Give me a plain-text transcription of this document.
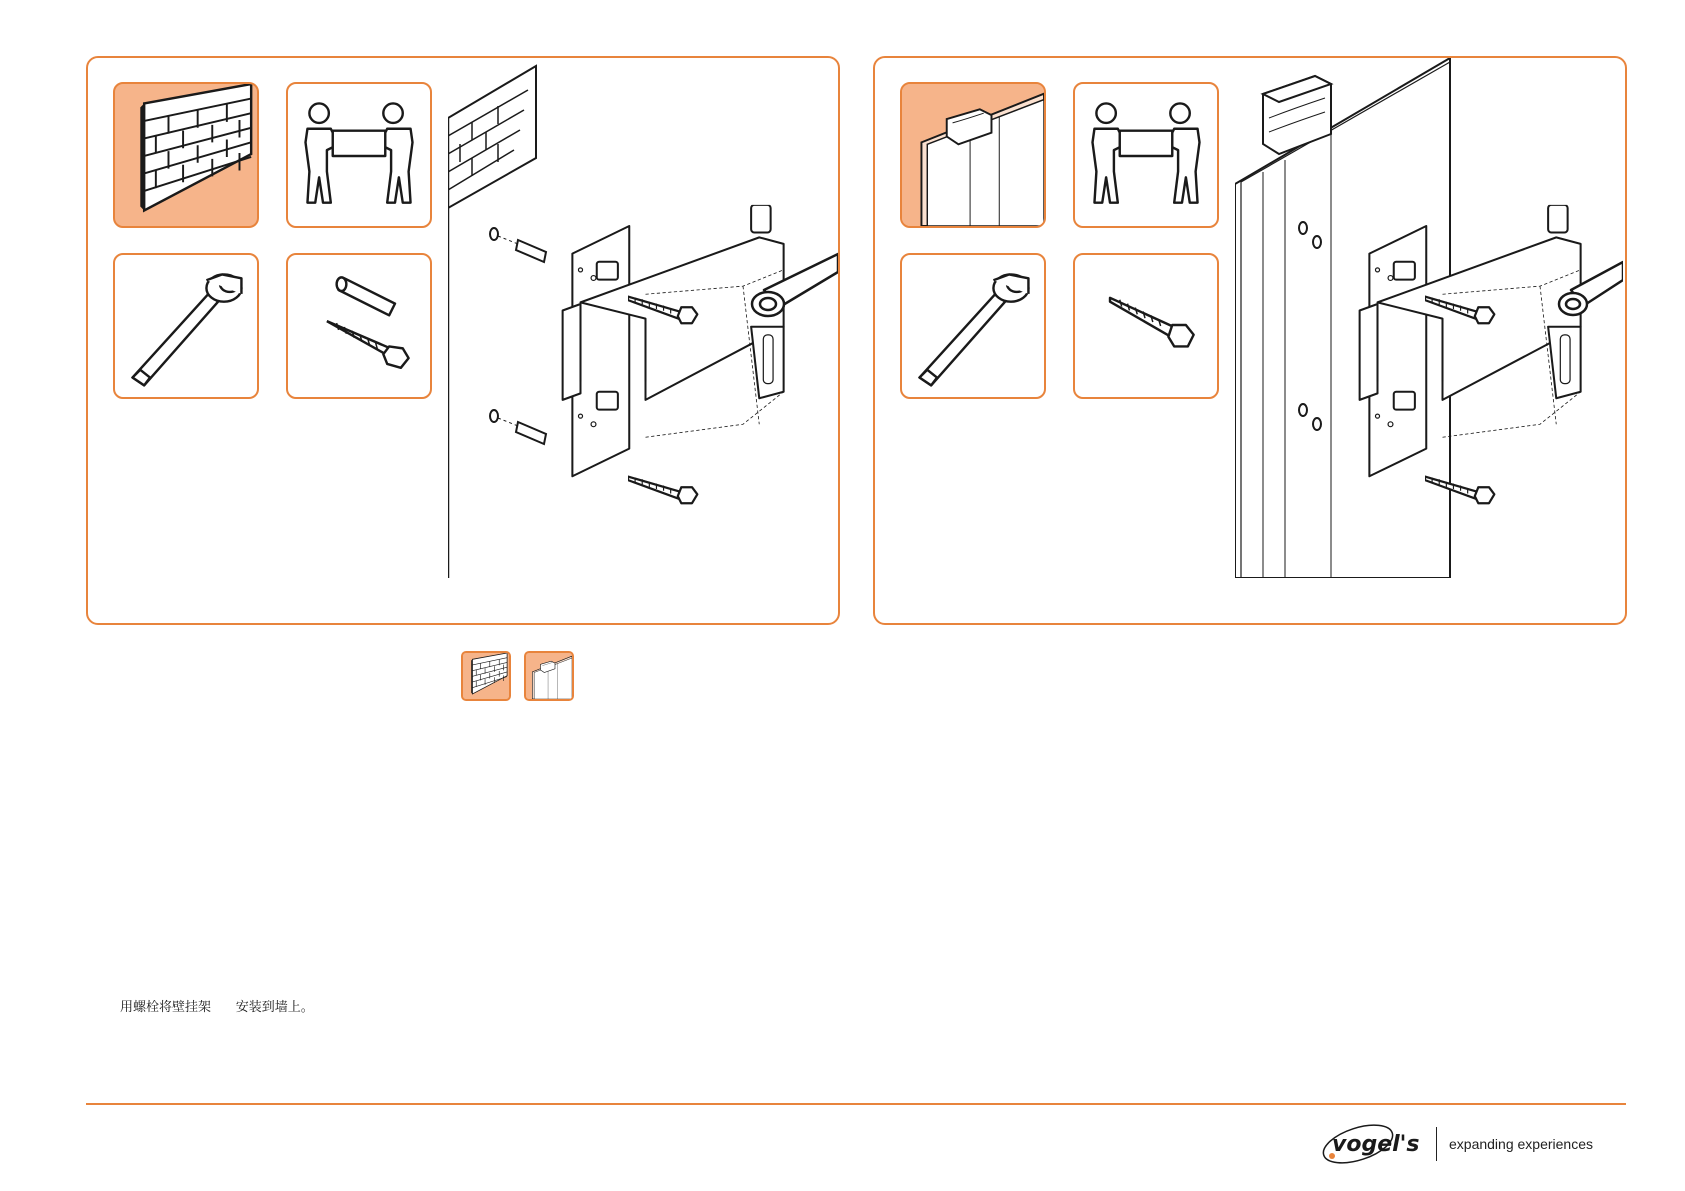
用螺栓将壁挂架      安装到墙上。
vogel's expanding experiences
